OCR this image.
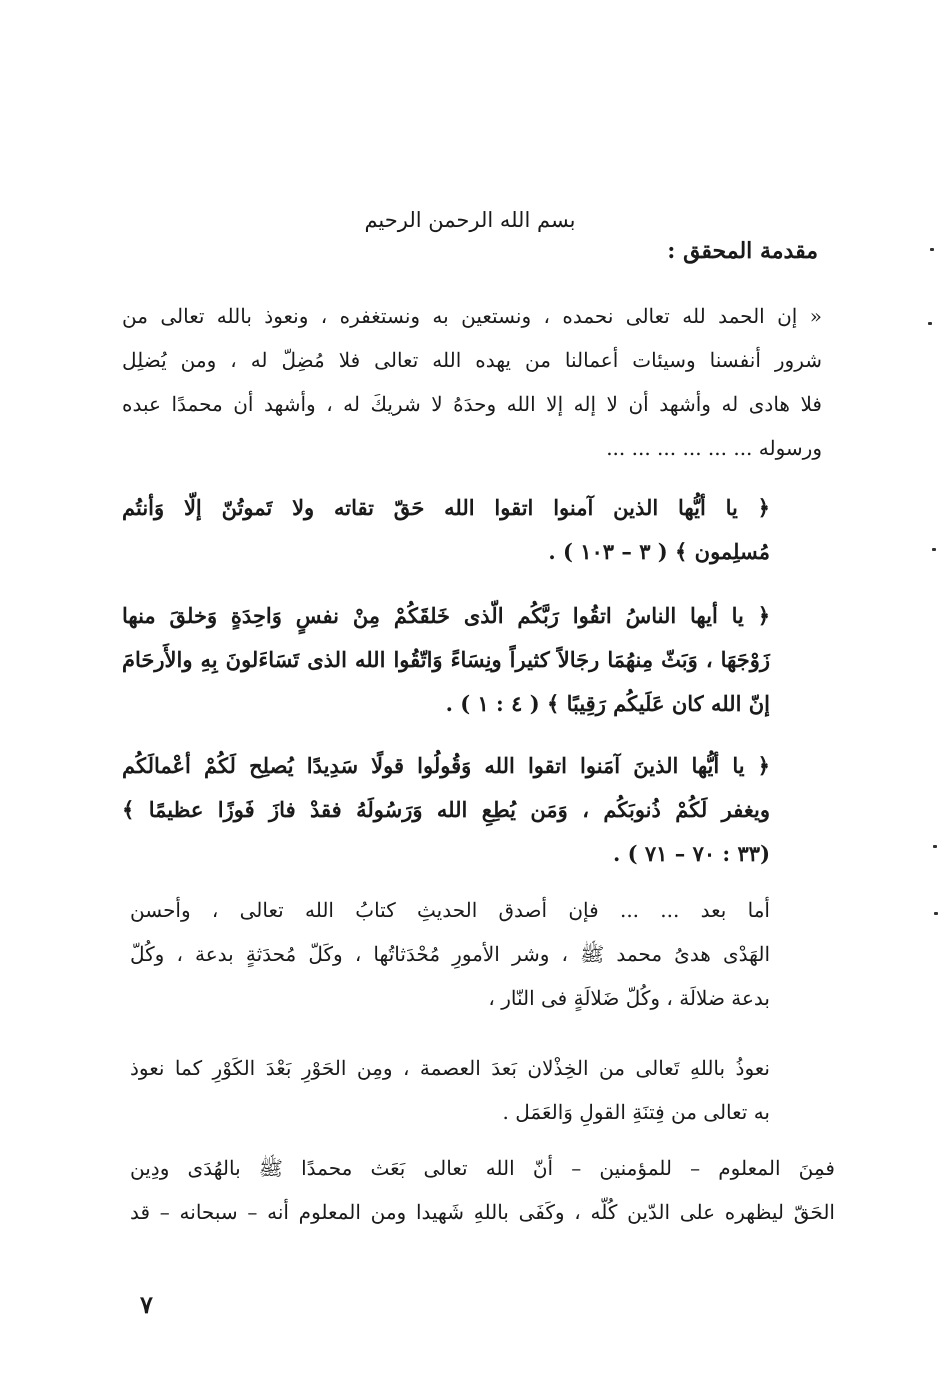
بسم الله الرحمن الرحيم
مقدمة المحقق :
« إن الحمد لله تعالى نحمده ، ونستعين به ونستغفره ، ونعوذ بالله تعالى من
شرور أنفسنا وسيئات أعمالنا من يهده الله تعالى فلا مُضِلّ له ، ومن يُضلِل
فلا هادى له وأشهد أن لا إله إلا الله وحدَهُ لا شريكَ له ، وأشهد أن محمدًا عبده
ورسوله ... ... ... ... ... ...
﴿ يا أيُّها الذين آمنوا اتقوا الله حَقّ تقاته ولا تَموتُنّ إلّا وَأنتُم
مُسلِمون ﴾ ( ٣ – ١٠٣ ) .
﴿ يا أيها الناسُ اتقُوا رَبَّكُم الّذى خَلقَكُمْ مِنْ نفسٍ وَاحِدَةٍ وَخلقَ منها
زَوْجَهَا ، وَبَثّ مِنهُمَا رجَالاً كثيراً ونِسَاءً وَاتّقُوا الله الذى تَسَاءَلونَ بِهِ والأَرحَامَ
إنّ الله كان عَلَيكُم رَقِيبًا ﴾ ( ٤ : ١ ) .
﴿ يا أيُّها الذينَ آمَنوا اتقوا الله وَقُولُوا قولًا سَدِيدًا يُصلِح لَكُمْ أعْمالَكُم
ويغفر لَكُمْ ذُنوبَكُم ، وَمَن يُطِعِ الله وَرَسُولَهُ فقدْ فازَ فَوزًا عظيمًا ﴾
(٣٣ : ٧٠ – ٧١ ) .
أما بعد ... ... فإن أصدق الحديثِ كتابُ الله تعالى ، وأحسن
الهَدْى هدىُ محمد ﷺ ، وشر الأمورِ مُحْدَثاتُها ، وكَلّ مُحدَثةٍ بدعة ، وكُلّ
بدعة ضلالَة ، وكُلّ ضَلالَةٍ فى النّار ،
نعوذُ باللهِ تَعالى من الخِذْلان بَعدَ العصمة ، ومِن الحَوْرِ بَعْدَ الكَوْرِ كما نعوذ
به تعالى من فِتنَةِ القولِ وَالعَمَل .
فمِنَ المعلوم – للمؤمنين – أنّ الله تعالى بَعَث محمدًا ﷺ بالهُدَى ودِين
الحَقّ ليظهره على الدّين كُلّه ، وكَفَى باللهِ شَهيدا ومن المعلوم أنه – سبحانه – قد
٧
